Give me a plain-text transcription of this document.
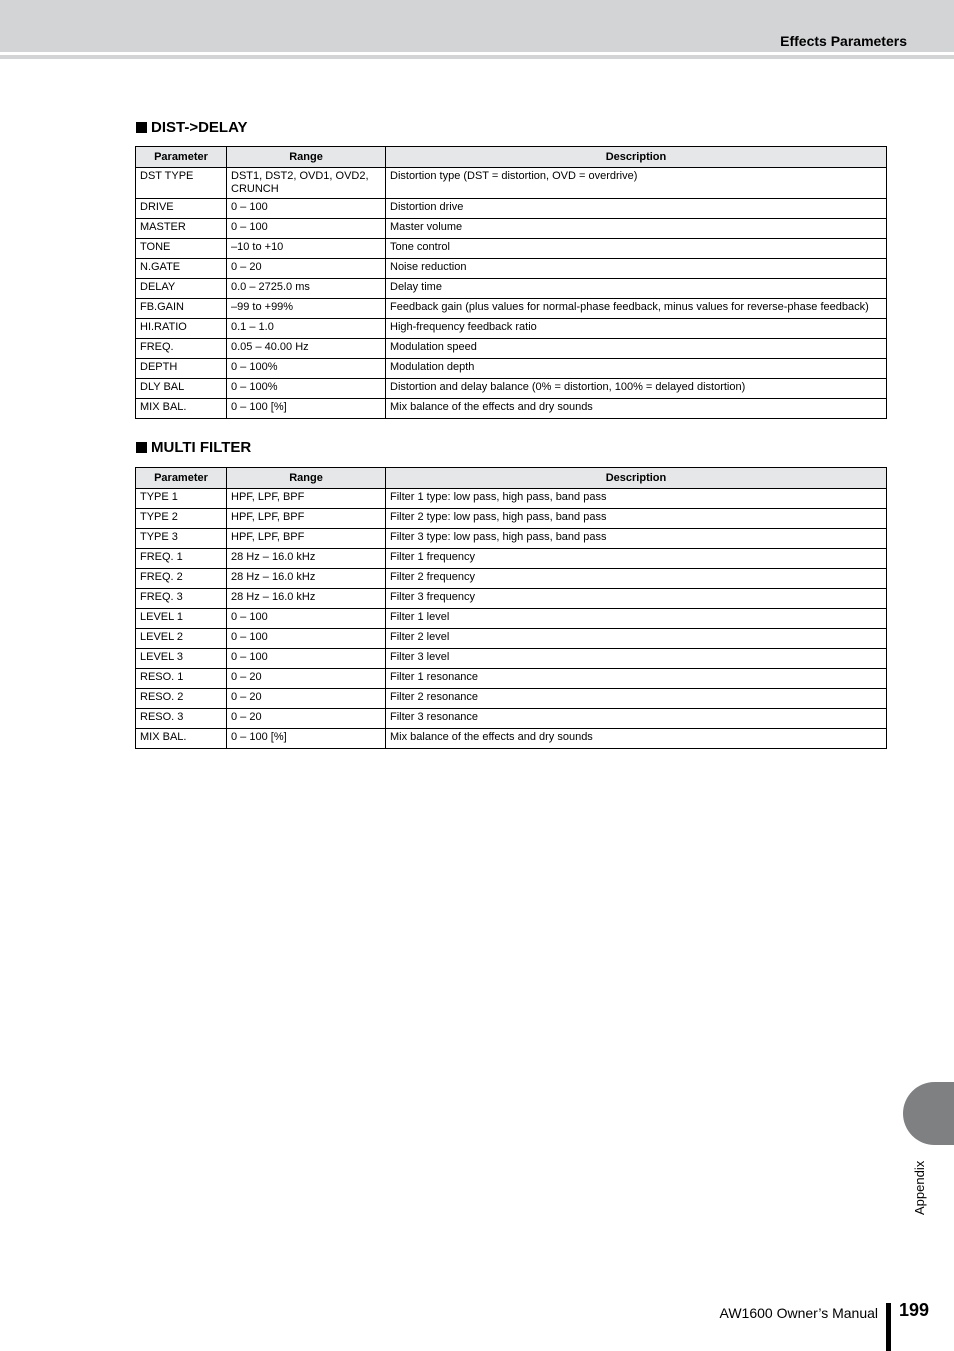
Effects Parameters
DIST->DELAY
Parameter	Range	Description
DST TYPE	DST1, DST2, OVD1, OVD2, CRUNCH	Distortion type (DST = distortion, OVD = overdrive)
DRIVE	0 – 100	Distortion drive
MASTER	0 – 100	Master volume
TONE	–10 to +10	Tone control
N.GATE	0 – 20	Noise reduction
DELAY	0.0 – 2725.0 ms	Delay time
FB.GAIN	–99 to +99%	Feedback gain (plus values for normal-phase feedback, minus values for reverse-phase feedback)
HI.RATIO	0.1 – 1.0	High-frequency feedback ratio
FREQ.	0.05 – 40.00 Hz	Modulation speed
DEPTH	0 – 100%	Modulation depth
DLY BAL	0 – 100%	Distortion and delay balance (0% = distortion, 100% = delayed distortion)
MIX BAL.	0 – 100 [%]	Mix balance of the effects and dry sounds
MULTI FILTER
Parameter	Range	Description
TYPE 1	HPF, LPF, BPF	Filter 1 type: low pass, high pass, band pass
TYPE 2	HPF, LPF, BPF	Filter 2 type: low pass, high pass, band pass
TYPE 3	HPF, LPF, BPF	Filter 3 type: low pass, high pass, band pass
FREQ. 1	28 Hz – 16.0 kHz	Filter 1 frequency
FREQ. 2	28 Hz – 16.0 kHz	Filter 2 frequency
FREQ. 3	28 Hz – 16.0 kHz	Filter 3 frequency
LEVEL 1	0 – 100	Filter 1 level
LEVEL 2	0 – 100	Filter 2 level
LEVEL 3	0 – 100	Filter 3 level
RESO. 1	0 – 20	Filter 1 resonance
RESO. 2	0 – 20	Filter 2 resonance
RESO. 3	0 – 20	Filter 3 resonance
MIX BAL.	0 – 100 [%]	Mix balance of the effects and dry sounds
Appendix
AW1600 Owner’s Manual 199
